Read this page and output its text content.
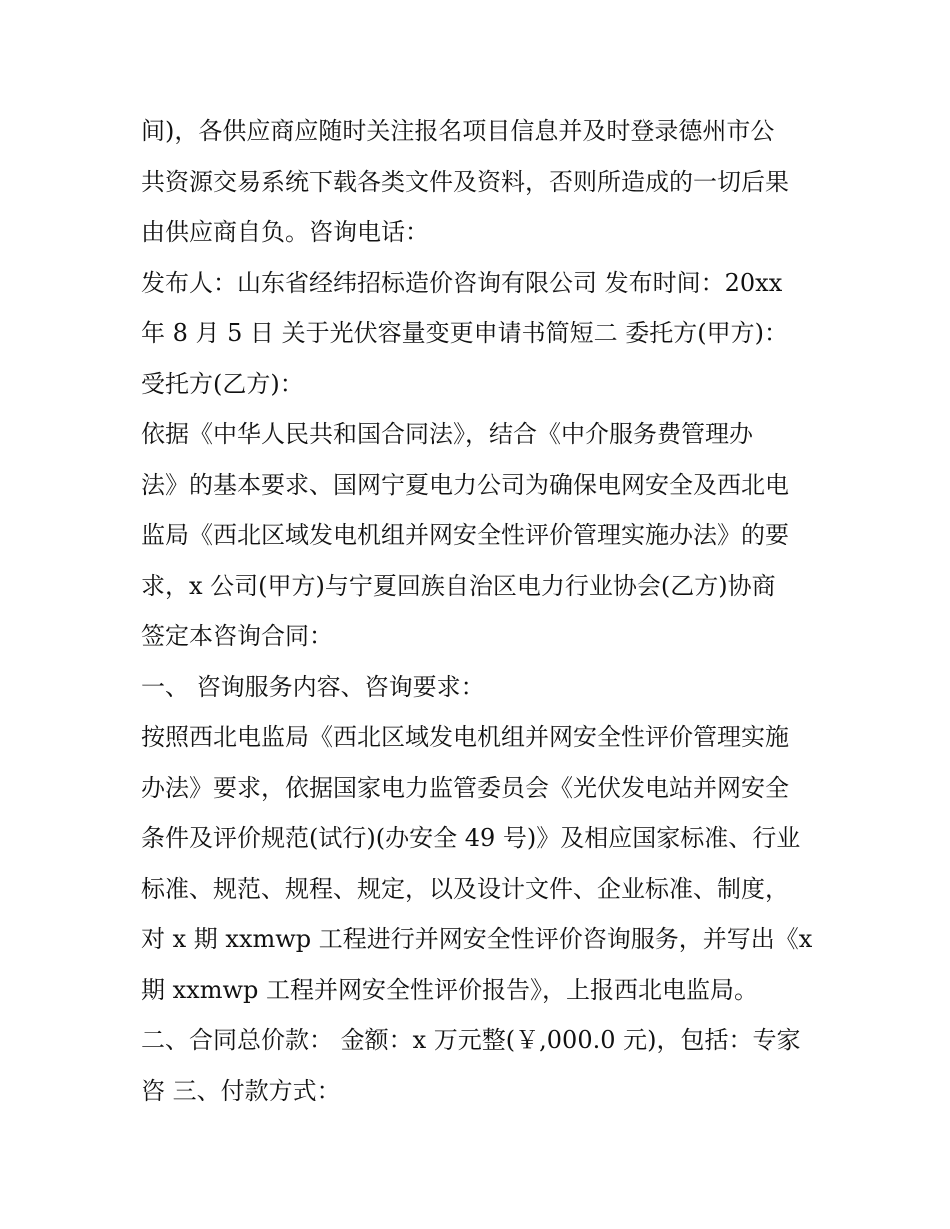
间)，各供应商应随时关注报名项目信息并及时登录德州市公
共资源交易系统下载各类文件及资料，否则所造成的一切后果
由供应商自负。咨询电话：
发布人：山东省经纬招标造价咨询有限公司 发布时间：20xx
年 8 月 5 日 关于光伏容量变更申请书简短二 委托方(甲方)：
受托方(乙方)：
依据《中华人民共和国合同法》，结合《中介服务费管理办
法》的基本要求、国网宁夏电力公司为确保电网安全及西北电
监局《西北区域发电机组并网安全性评价管理实施办法》的要
求，x 公司(甲方)与宁夏回族自治区电力行业协会(乙方)协商
签定本咨询合同：
一、 咨询服务内容、咨询要求：
按照西北电监局《西北区域发电机组并网安全性评价管理实施
办法》要求，依据国家电力监管委员会《光伏发电站并网安全
条件及评价规范(试行)(办安全 49 号)》及相应国家标准、行业
标准、规范、规程、规定，以及设计文件、企业标准、制度，
对 x 期 xxmwp 工程进行并网安全性评价咨询服务，并写出《x
期 xxmwp 工程并网安全性评价报告》，上报西北电监局。
二、合同总价款： 金额：x 万元整(￥,000.0 元)，包括：专家
咨 三、付款方式：
